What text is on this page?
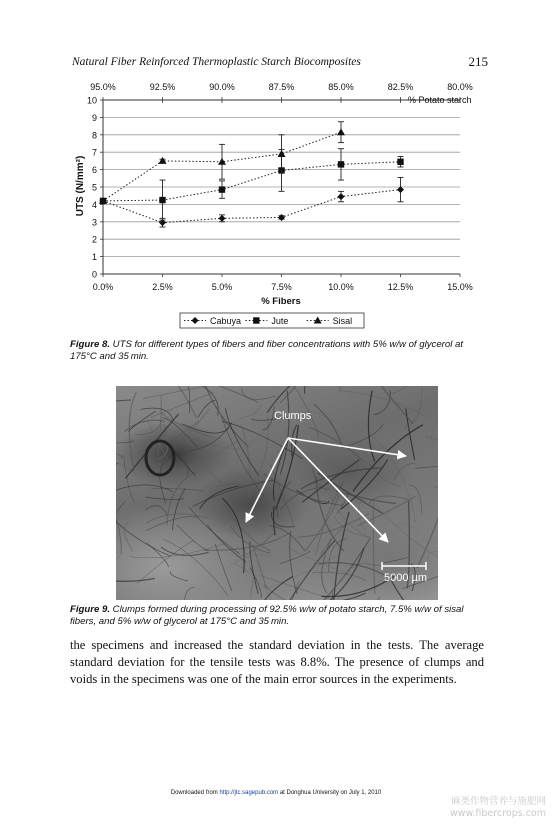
Natural Fiber Reinforced Thermoplastic Starch Biocomposites	215
0
1
2
3
4
5
6
7
8
9
10
0.0%	2.5%	5.0%	7.5%	10.0%	12.5%	15.0%
95.0%	92.5%	90.0%	87.5%	85.0%	82.5%	80.0%
UTS (N/mm²)
% Fibers
% Potato starch
Cabuya	Jute	Sisal
Figure 8. UTS for different types of fibers and fiber concentrations with 5% w/w of glycerol at 175°C and 35 min.
Clumps
5000 µm
Figure 9. Clumps formed during processing of 92.5% w/w of potato starch, 7.5% w/w of sisal fibers, and 5% w/w of glycerol at 175°C and 35 min.
the specimens and increased the standard deviation in the tests. The average standard deviation for the tensile tests was 8.8%. The presence of clumps and voids in the specimens was one of the main error sources in the experiments.
Downloaded from http://jtc.sagepub.com at Donghua University on July 1, 2010
麻类作物营养与施肥网
www.fibercrops.com
